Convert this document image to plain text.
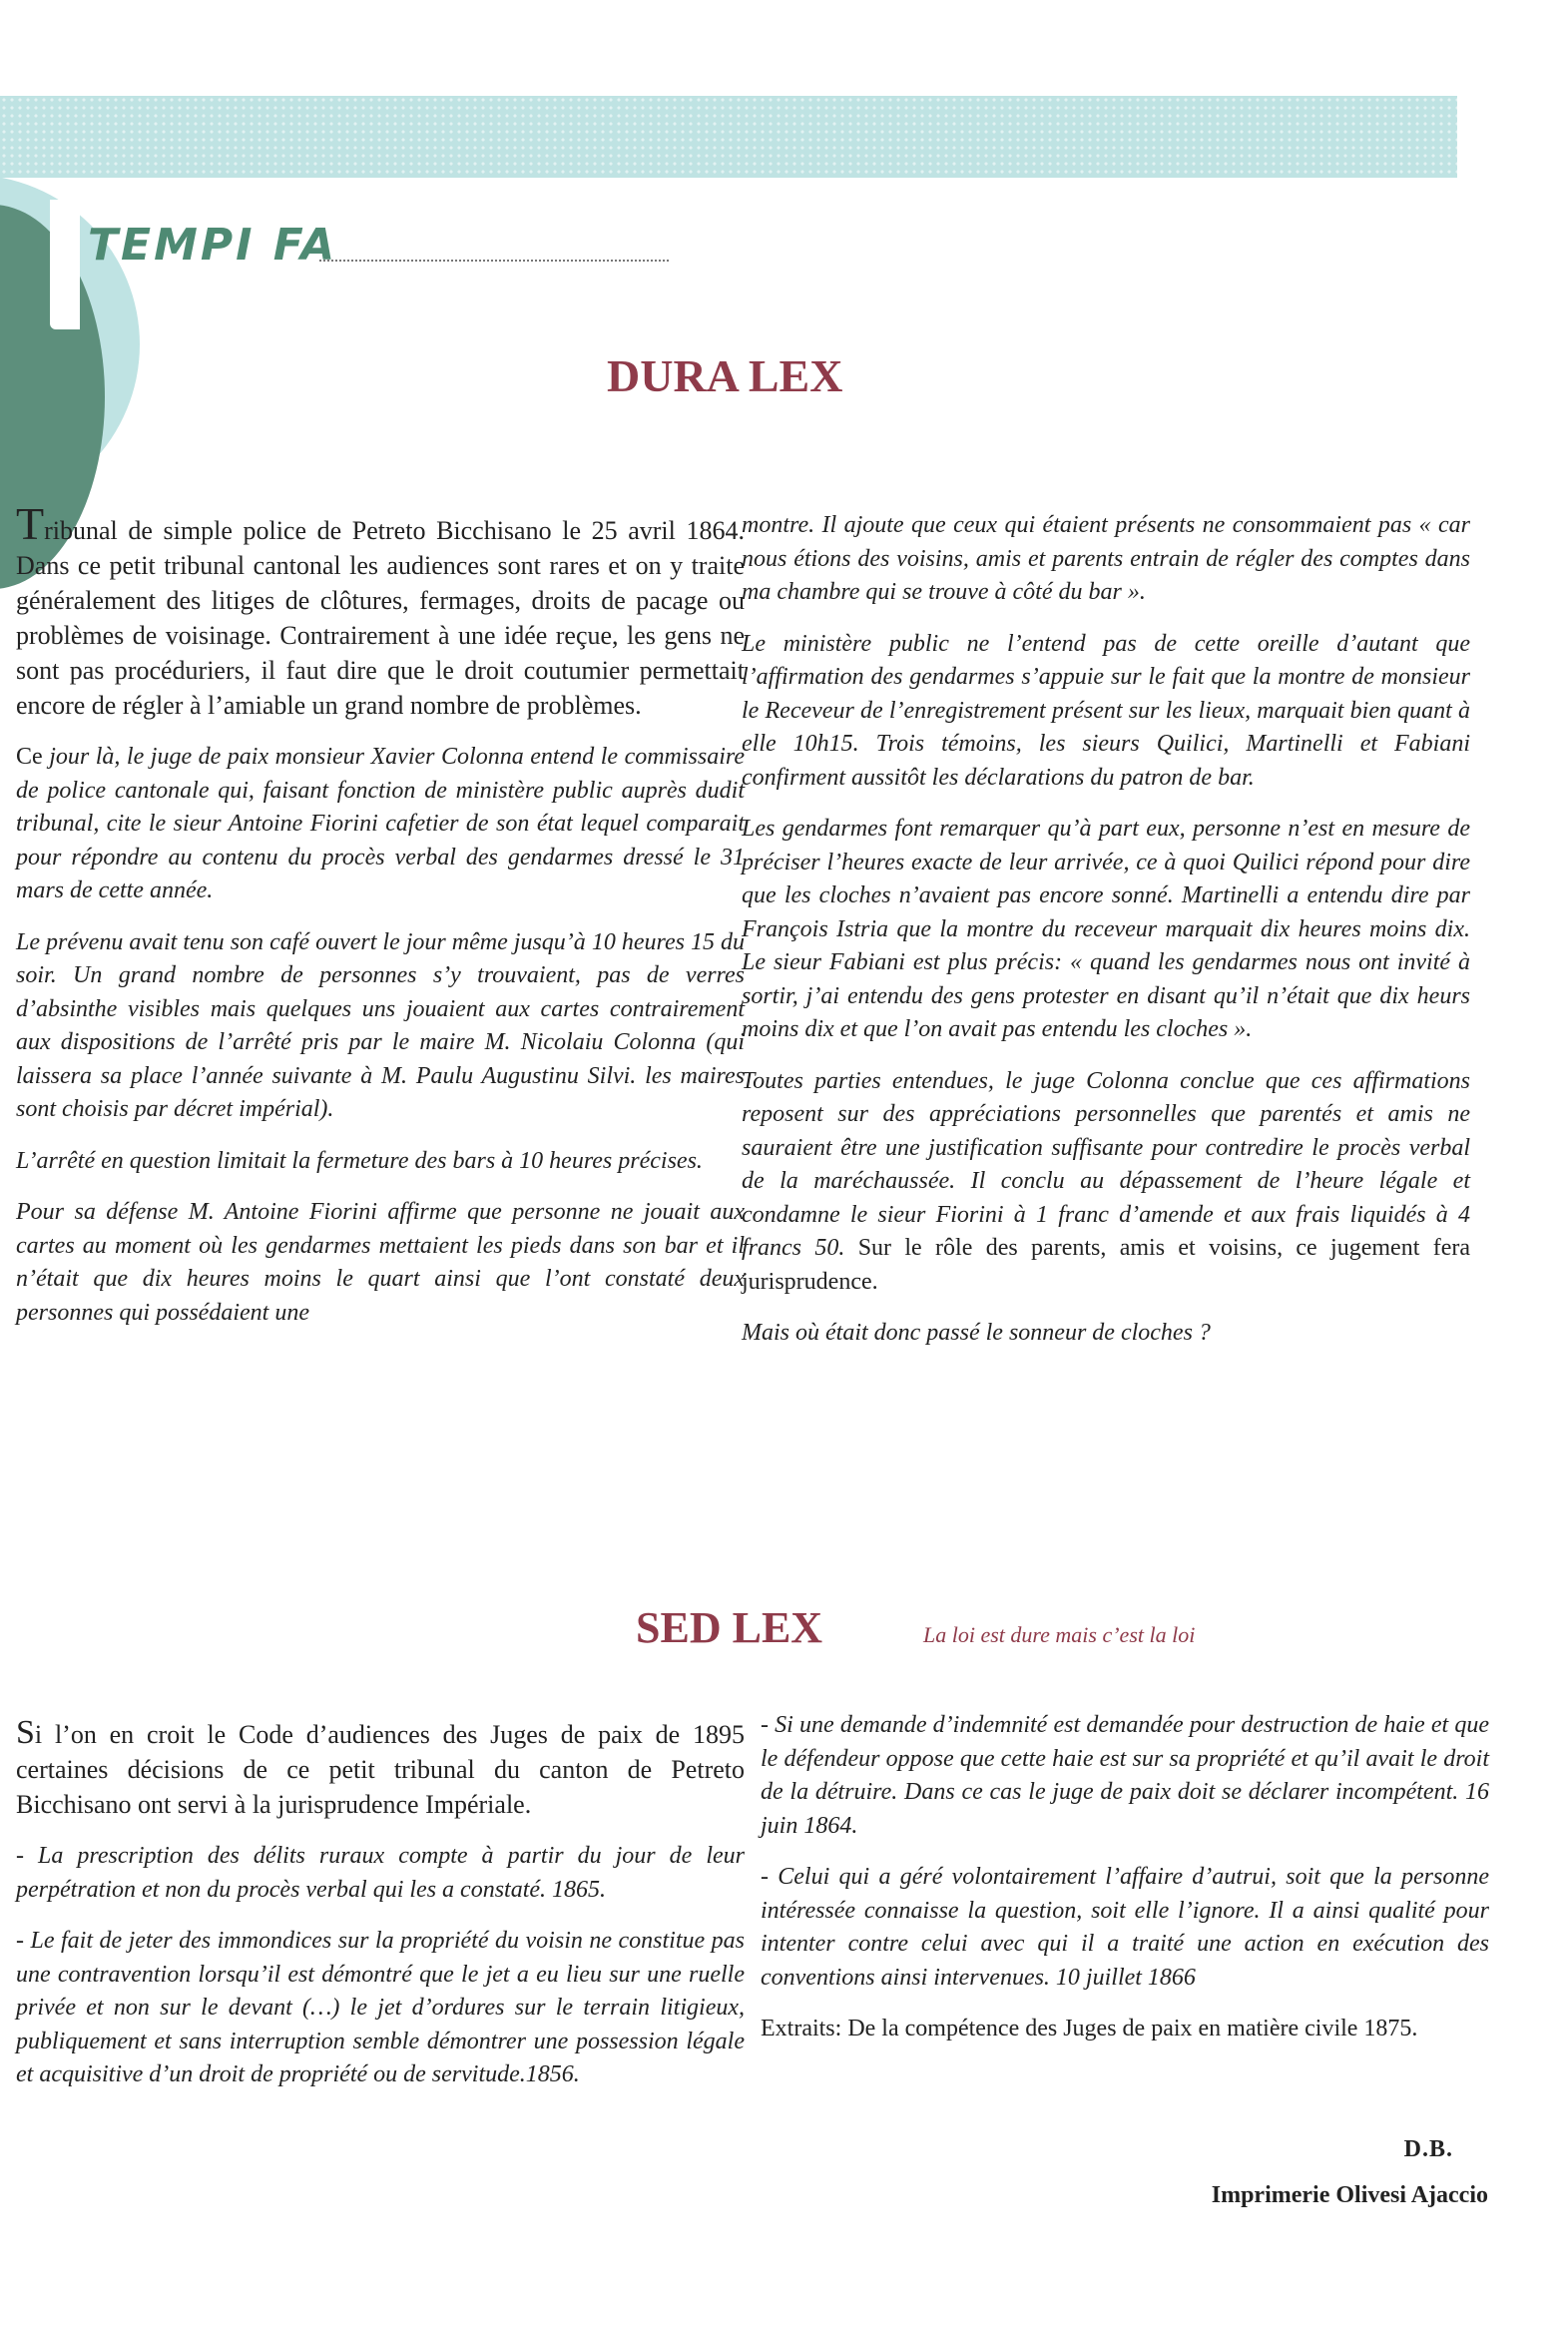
TEMPI FA
DURA LEX

Tribunal de simple police de Petreto Bicchisano le 25 avril 1864. Dans ce petit tribunal cantonal les audiences sont rares et on y traite généralement des litiges de clôtures, fermages, droits de pacage ou problèmes de voisinage. Contrairement à une idée reçue, les gens ne sont pas procéduriers, il faut dire que le droit coutumier permettait encore de régler à l’amiable un grand nombre de problèmes.

Ce jour là, le juge de paix monsieur Xavier Colonna entend le commissaire de police cantonale qui, faisant fonction de ministère public auprès dudit tribunal, cite le sieur Antoine Fiorini cafetier de son état lequel comparait pour répondre au contenu du procès verbal des gendarmes dressé le 31 mars de cette année.

Le prévenu avait tenu son café ouvert le jour même jusqu’à 10 heures 15 du soir. Un grand nombre de personnes s’y trouvaient, pas de verres d’absinthe visibles mais quelques uns jouaient aux cartes contrairement aux dispositions de l’arrêté pris par le maire M. Nicolaiu Colonna (qui laissera sa place l’année suivante à M. Paulu Augustinu Silvi. les maires sont choisis par décret impérial).

L’arrêté en question limitait la fermeture des bars à 10 heures précises.

Pour sa défense M. Antoine Fiorini affirme que personne ne jouait aux cartes au moment où les gendarmes mettaient les pieds dans son bar et il n’était que dix heures moins le quart ainsi que l’ont constaté deux personnes qui possédaient une

montre. Il ajoute que ceux qui étaient présents ne consommaient pas « car nous étions des voisins, amis et parents entrain de régler des comptes dans ma chambre qui se trouve à côté du bar ».

Le ministère public ne l’entend pas de cette oreille d’autant que l’affirmation des gendarmes s’appuie sur le fait que la montre de monsieur le Receveur de l’enregistrement présent sur les lieux, marquait bien quant à elle 10h15. Trois témoins, les sieurs Quilici, Martinelli et Fabiani confirment aussitôt les déclarations du patron de bar.

Les gendarmes font remarquer qu’à part eux, personne n’est en mesure de préciser l’heures exacte de leur arrivée, ce à quoi Quilici répond pour dire que les cloches n’avaient pas encore sonné. Martinelli a entendu dire par François Istria que la montre du receveur marquait dix heures moins dix. Le sieur Fabiani est plus précis: « quand les gendarmes nous ont invité à sortir, j’ai entendu des gens protester en disant qu’il n’était que dix heurs moins dix et que l’on avait pas entendu les cloches ».

Toutes parties entendues, le juge Colonna conclue que ces affirmations reposent sur des appréciations personnelles que parentés et amis ne sauraient être une justification suffisante pour contredire le procès verbal de la maréchaussée. Il conclu au dépassement de l’heure légale et condamne le sieur Fiorini à 1 franc d’amende et aux frais liquidés à 4 francs 50. Sur le rôle des parents, amis et voisins, ce jugement fera jurisprudence.

Mais où était donc passé le sonneur de cloches ?

SED LEX	La loi est dure mais c’est la loi

Si l’on en croit le Code d’audiences des Juges de paix de 1895 certaines décisions de ce petit tribunal du canton de Petreto Bicchisano ont servi à la jurisprudence Impériale.

- La prescription des délits ruraux compte à partir du jour de leur perpétration et non du procès verbal qui les a constaté. 1865.

- Le fait de jeter des immondices sur la propriété du voisin ne constitue pas une contravention lorsqu’il est démontré que le jet a eu lieu sur une ruelle privée et non sur le devant (…) le jet d’ordures sur le terrain litigieux, publiquement et sans interruption semble démontrer une possession légale et acquisitive d’un droit de propriété ou de servitude.1856.

- Si une demande d’indemnité est demandée pour destruction de haie et que le défendeur oppose que cette haie est sur sa propriété et qu’il avait le droit de la détruire. Dans ce cas le juge de paix doit se déclarer incompétent. 16 juin 1864.

- Celui qui a géré volontairement l’affaire d’autrui, soit que la personne intéressée connaisse la question, soit elle l’ignore. Il a ainsi qualité pour intenter contre celui avec qui il a traité une action en exécution des conventions ainsi intervenues. 10 juillet 1866

Extraits: De la compétence des Juges de paix en matière civile 1875.

D.B.

Imprimerie Olivesi Ajaccio
